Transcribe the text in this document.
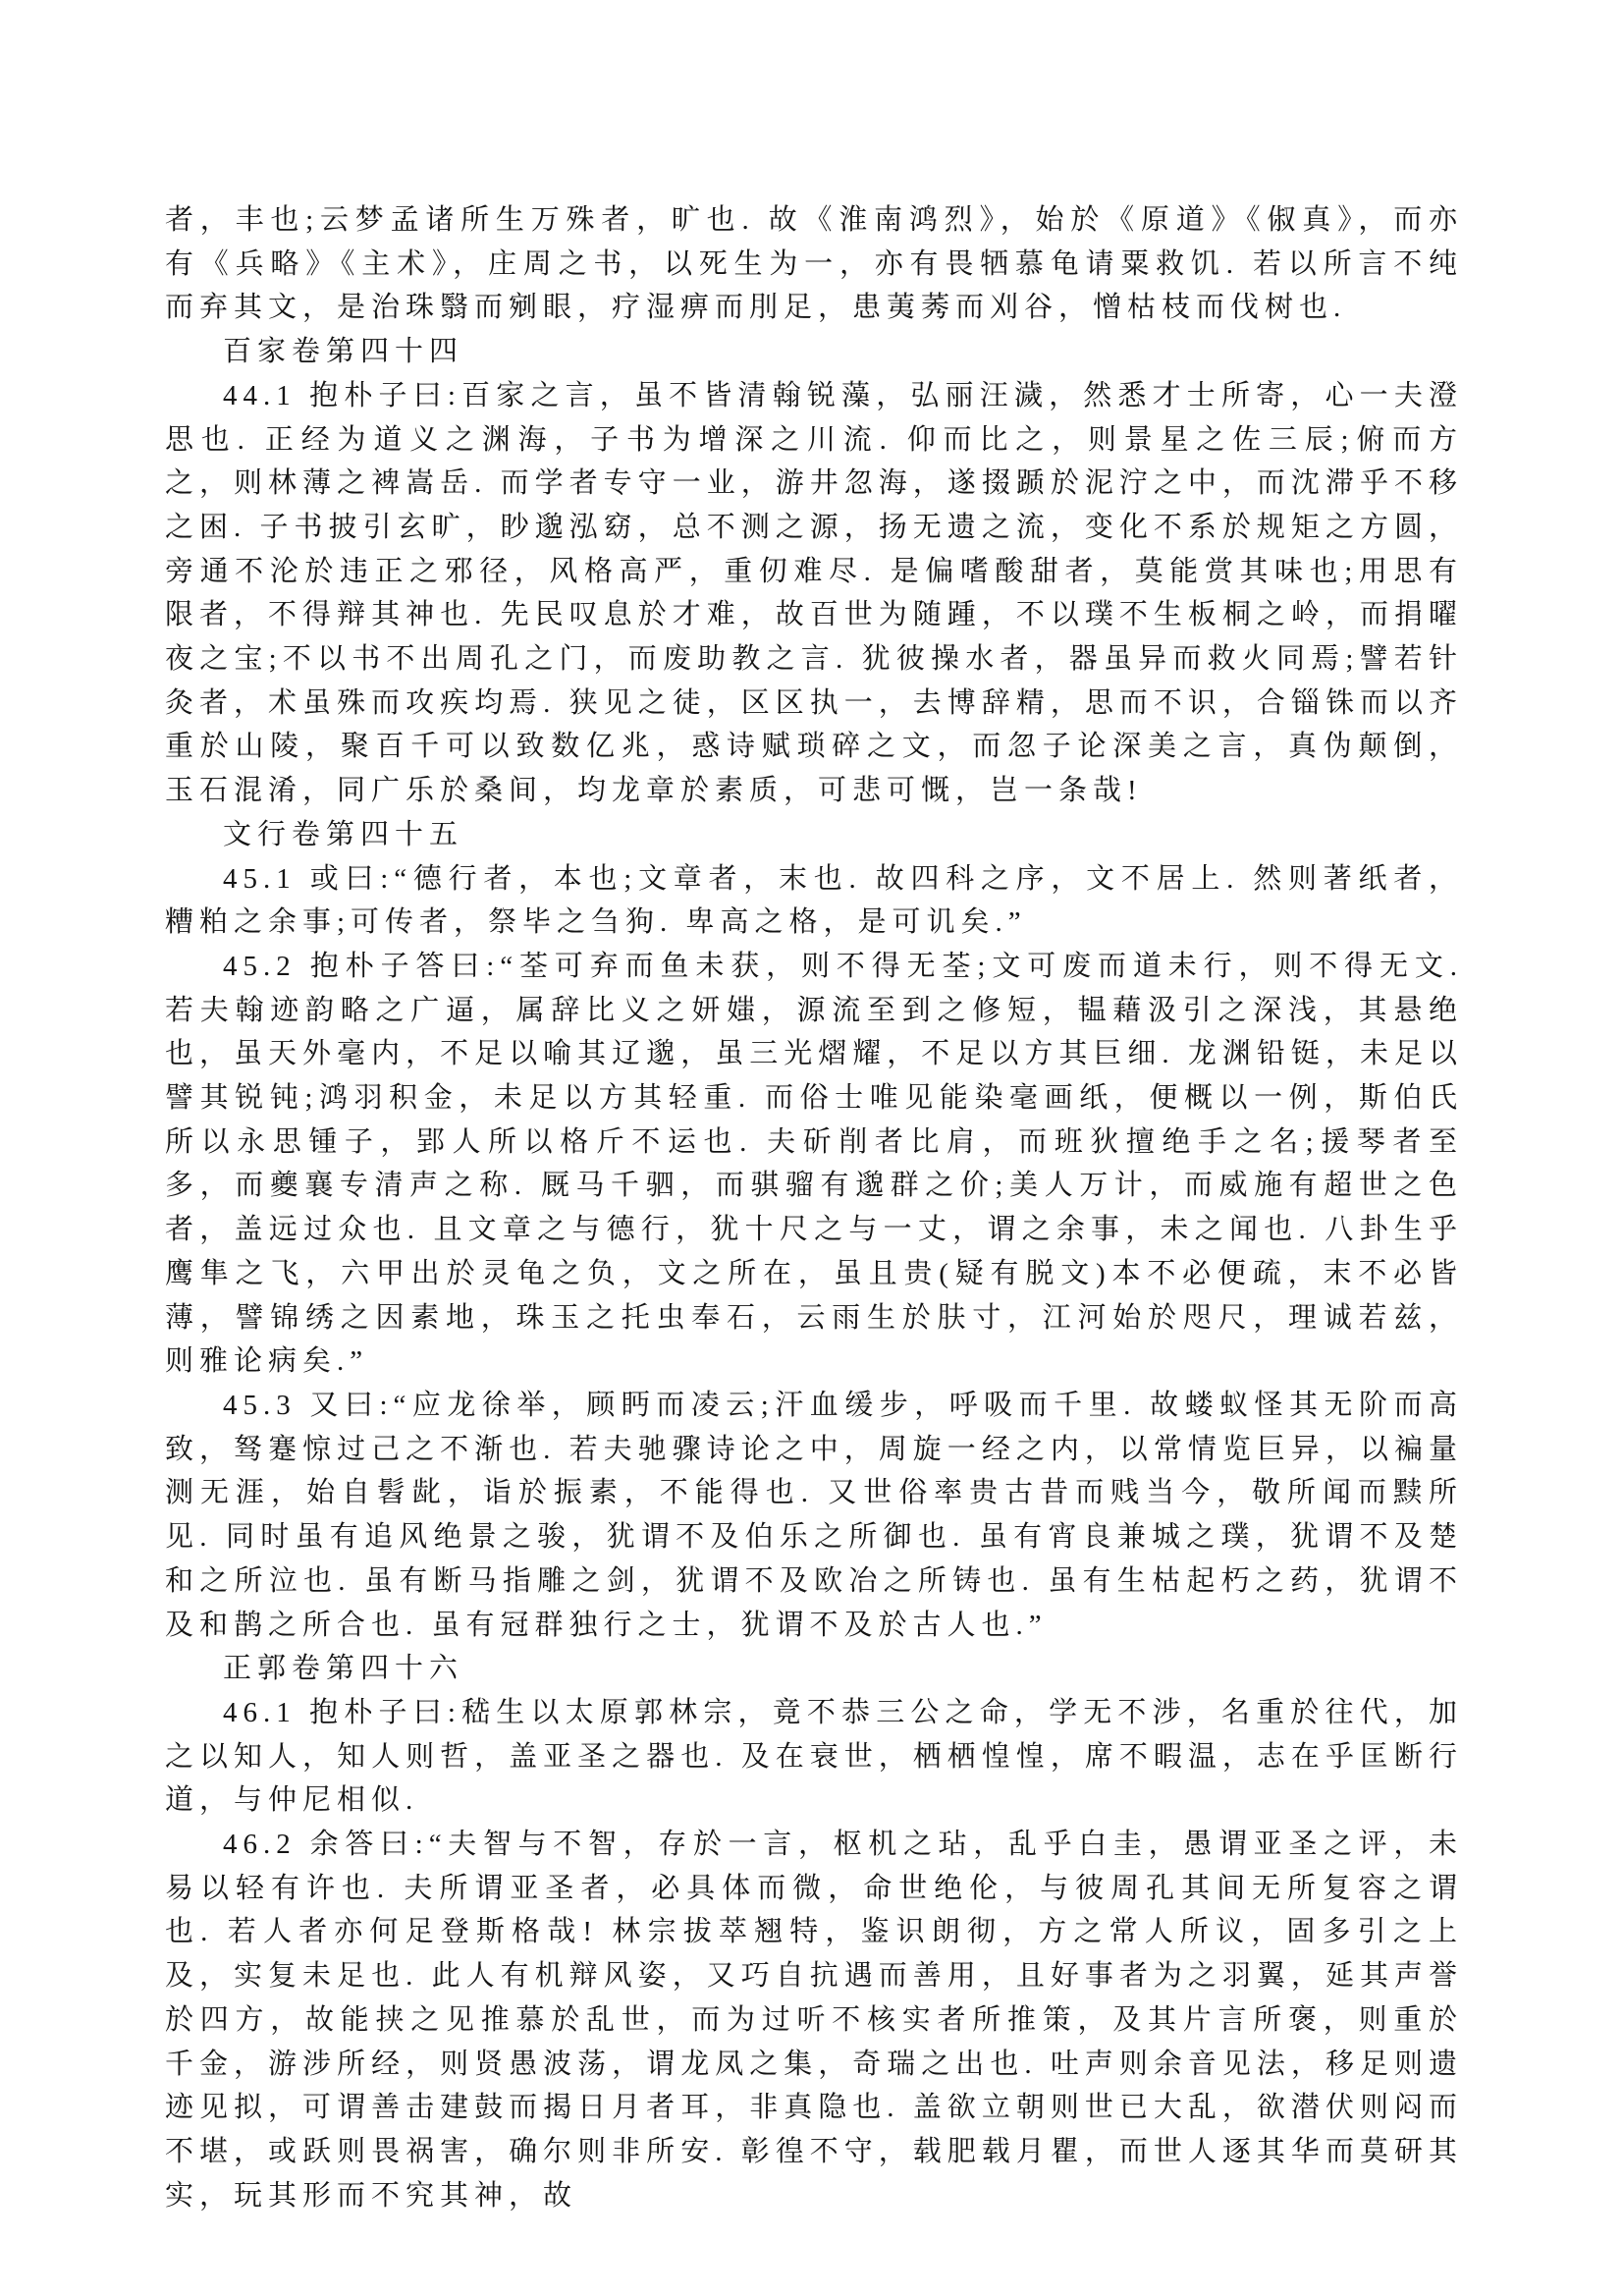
者，丰也;云梦孟诸所生万殊者，旷也. 故《淮南鸿烈》，始於《原道》《俶真》，而亦有《兵略》《主术》，庄周之书，以死生为一，亦有畏牺慕龟请粟救饥. 若以所言不纯而弃其文，是治珠翳而剜眼，疗湿痹而刖足，患荑莠而刈谷，憎枯枝而伐树也.

百家卷第四十四

44.1 抱朴子曰:百家之言，虽不皆清翰锐藻，弘丽汪濊，然悉才士所寄，心一夫澄思也. 正经为道义之渊海，子书为增深之川流. 仰而比之，则景星之佐三辰;俯而方之，则林薄之裨嵩岳. 而学者专守一业，游井忽海，遂掇踬於泥泞之中，而沈滞乎不移之困. 子书披引玄旷，眇邈泓窈，总不测之源，扬无遗之流，变化不系於规矩之方圆，旁通不沦於违正之邪径，风格高严，重仞难尽. 是偏嗜酸甜者，莫能赏其味也;用思有限者，不得辩其神也. 先民叹息於才难，故百世为随踵，不以璞不生板桐之岭，而捐曜夜之宝;不以书不出周孔之门，而废助教之言. 犹彼操水者，器虽异而救火同焉;譬若针灸者，术虽殊而攻疾均焉. 狭见之徒，区区执一，去博辞精，思而不识，合锱铢而以齐重於山陵，聚百千可以致数亿兆，惑诗赋琐碎之文，而忽子论深美之言，真伪颠倒，玉石混淆，同广乐於桑间，均龙章於素质，可悲可慨，岂一条哉!

文行卷第四十五

45.1 或曰:“德行者，本也;文章者，末也. 故四科之序，文不居上. 然则著纸者，糟粕之余事;可传者，祭毕之刍狗. 卑高之格，是可讥矣.”

45.2 抱朴子答曰:“荃可弃而鱼未获，则不得无荃;文可废而道未行，则不得无文. 若夫翰迹韵略之广逼，属辞比义之妍媸，源流至到之修短，韫藉汲引之深浅，其悬绝也，虽天外毫内，不足以喻其辽邈，虽三光熠耀，不足以方其巨细. 龙渊铅铤，未足以譬其锐钝;鸿羽积金，未足以方其轻重. 而俗士唯见能染毫画纸，便概以一例，斯伯氏所以永思锺子，郢人所以格斤不运也. 夫斫削者比肩，而班狄擅绝手之名;援琴者至多，而夔襄专清声之称. 厩马千驷，而骐骝有邈群之价;美人万计，而威施有超世之色者，盖远过众也. 且文章之与德行，犹十尺之与一丈，谓之余事，未之闻也. 八卦生乎鹰隼之飞，六甲出於灵龟之负，文之所在，虽且贵(疑有脱文)本不必便疏，末不必皆薄，譬锦绣之因素地，珠玉之托虫奉石，云雨生於肤寸，江河始於咫尺，理诚若兹，则雅论病矣.”

45.3 又曰:“应龙徐举，顾眄而凌云;汗血缓步，呼吸而千里. 故蝼蚁怪其无阶而高致，驽蹇惊过己之不渐也. 若夫驰骤诗论之中，周旋一经之内，以常情览巨异，以褊量测无涯，始自髫龀，诣於振素，不能得也. 又世俗率贵古昔而贱当今，敬所闻而黩所见. 同时虽有追风绝景之骏，犹谓不及伯乐之所御也. 虽有宵良兼城之璞，犹谓不及楚和之所泣也. 虽有断马指雕之剑，犹谓不及欧冶之所铸也. 虽有生枯起朽之药，犹谓不及和鹊之所合也. 虽有冠群独行之士，犹谓不及於古人也.”

正郭卷第四十六

46.1 抱朴子曰:嵇生以太原郭林宗，竟不恭三公之命，学无不涉，名重於往代，加之以知人，知人则哲，盖亚圣之器也. 及在衰世，栖栖惶惶，席不暇温，志在乎匡断行道，与仲尼相似.

46.2 余答曰:“夫智与不智，存於一言，枢机之玷，乱乎白圭，愚谓亚圣之评，未易以轻有许也. 夫所谓亚圣者，必具体而微，命世绝伦，与彼周孔其间无所复容之谓也. 若人者亦何足登斯格哉! 林宗拔萃翘特，鉴识朗彻，方之常人所议，固多引之上及，实复未足也. 此人有机辩风姿，又巧自抗遇而善用，且好事者为之羽翼，延其声誉於四方，故能挟之见推慕於乱世，而为过听不核实者所推策，及其片言所褒，则重於千金，游涉所经，则贤愚波荡，谓龙凤之集，奇瑞之出也. 吐声则余音见法，移足则遗迹见拟，可谓善击建鼓而揭日月者耳，非真隐也. 盖欲立朝则世已大乱，欲潜伏则闷而不堪，或跃则畏祸害，确尔则非所安. 彰徨不守，载肥载月瞿，而世人逐其华而莫研其实，玩其形而不究其神，故
